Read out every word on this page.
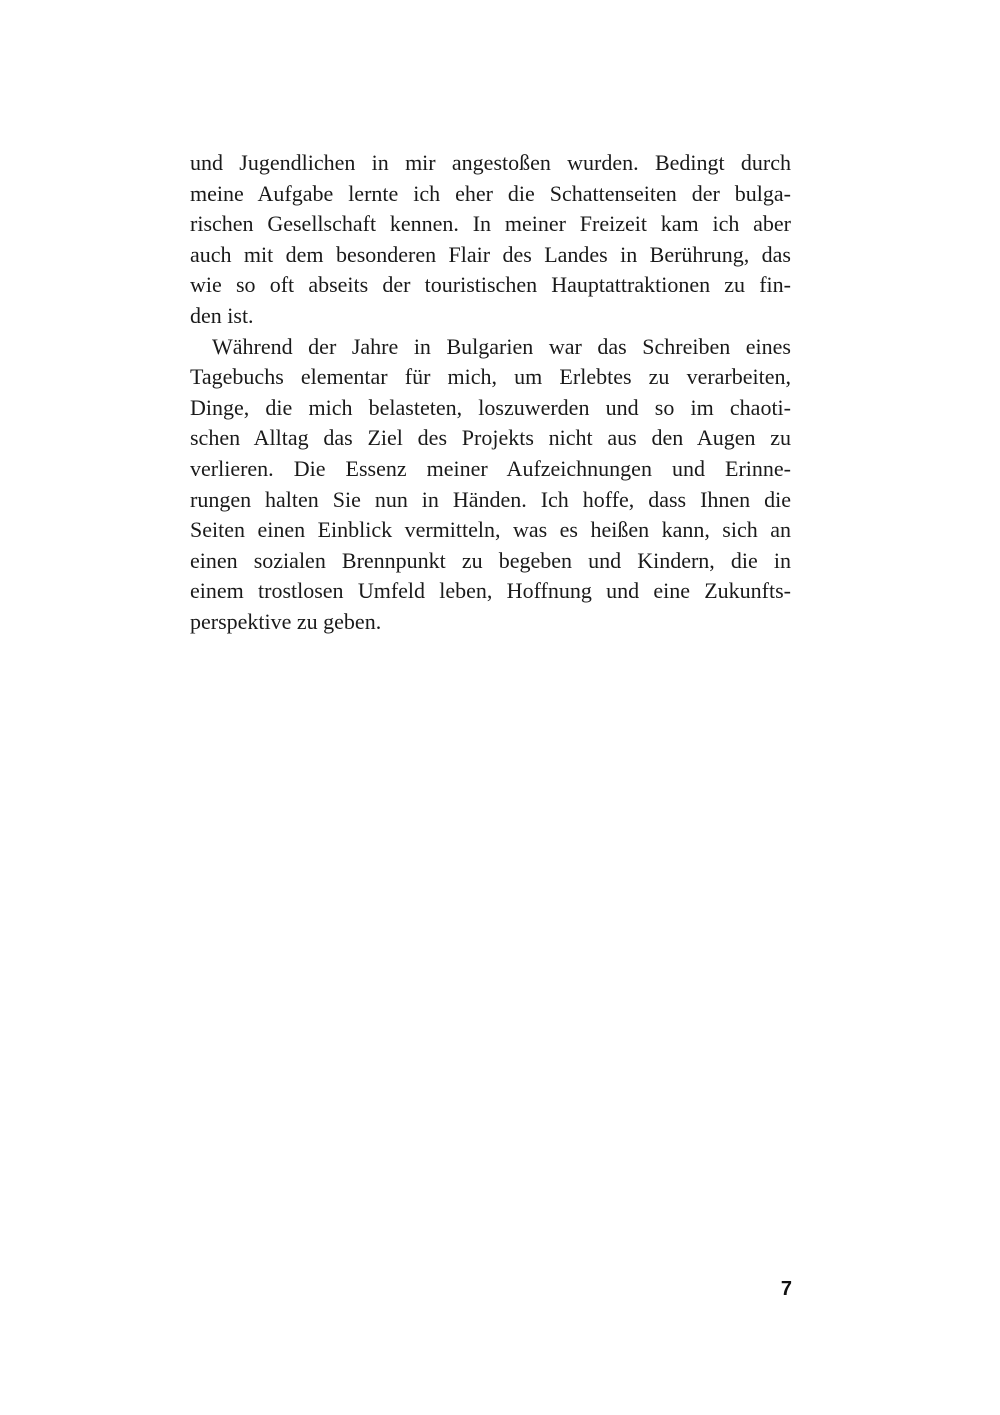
und Jugendlichen in mir angestoßen wurden. Bedingt durch
meine Aufgabe lernte ich eher die Schattenseiten der bulga-
rischen Gesellschaft kennen. In meiner Freizeit kam ich aber
auch mit dem besonderen Flair des Landes in Berührung, das
wie so oft abseits der touristischen Hauptattraktionen zu fin-
den ist.
Während der Jahre in Bulgarien war das Schreiben eines
Tagebuchs elementar für mich, um Erlebtes zu verarbeiten,
Dinge, die mich belasteten, loszuwerden und so im chaoti-
schen Alltag das Ziel des Projekts nicht aus den Augen zu
verlieren. Die Essenz meiner Aufzeichnungen und Erinne-
rungen halten Sie nun in Händen. Ich hoffe, dass Ihnen die
Seiten einen Einblick vermitteln, was es heißen kann, sich an
einen sozialen Brennpunkt zu begeben und Kindern, die in
einem trostlosen Umfeld leben, Hoffnung und eine Zukunfts-
perspektive zu geben.
7
